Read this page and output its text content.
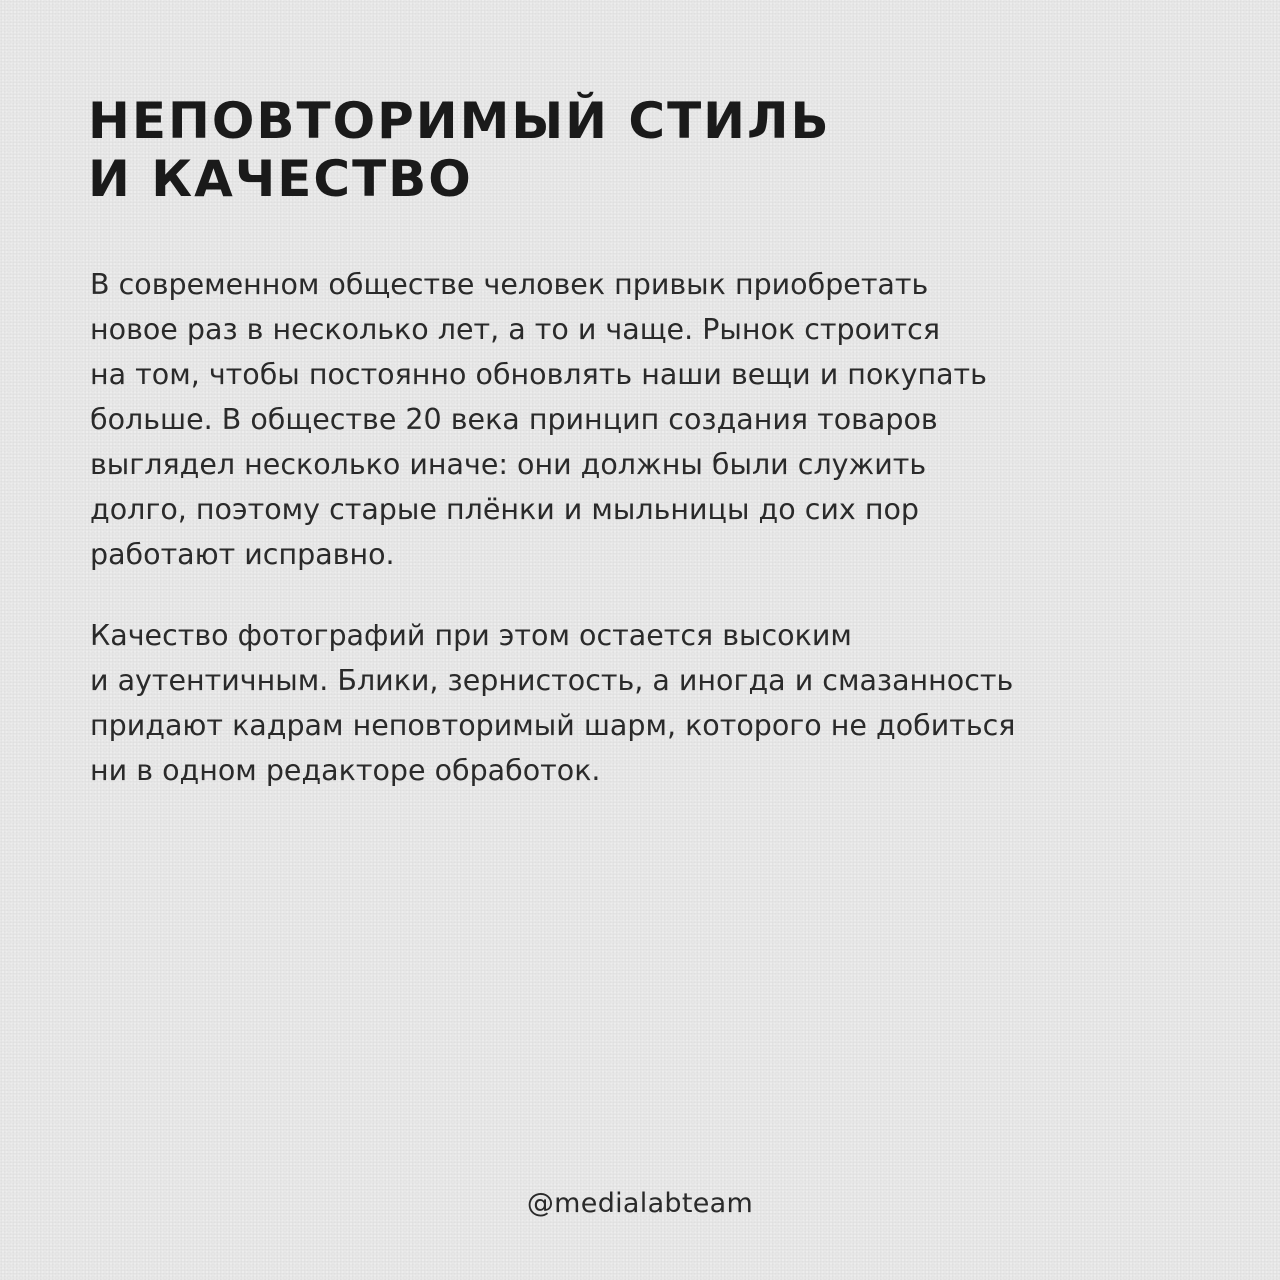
НЕПОВТОРИМЫЙ СТИЛЬ
И КАЧЕСТВО

В современном обществе человек привык приобретать
новое раз в несколько лет, а то и чаще. Рынок строится
на том, чтобы постоянно обновлять наши вещи и покупать
больше. В обществе 20 века принцип создания товаров
выглядел несколько иначе: они должны были служить
долго, поэтому старые плёнки и мыльницы до сих пор
работают исправно.

Качество фотографий при этом остается высоким
и аутентичным. Блики, зернистость, а иногда и смазанность
придают кадрам неповторимый шарм, которого не добиться
ни в одном редакторе обработок.

@medialabteam
